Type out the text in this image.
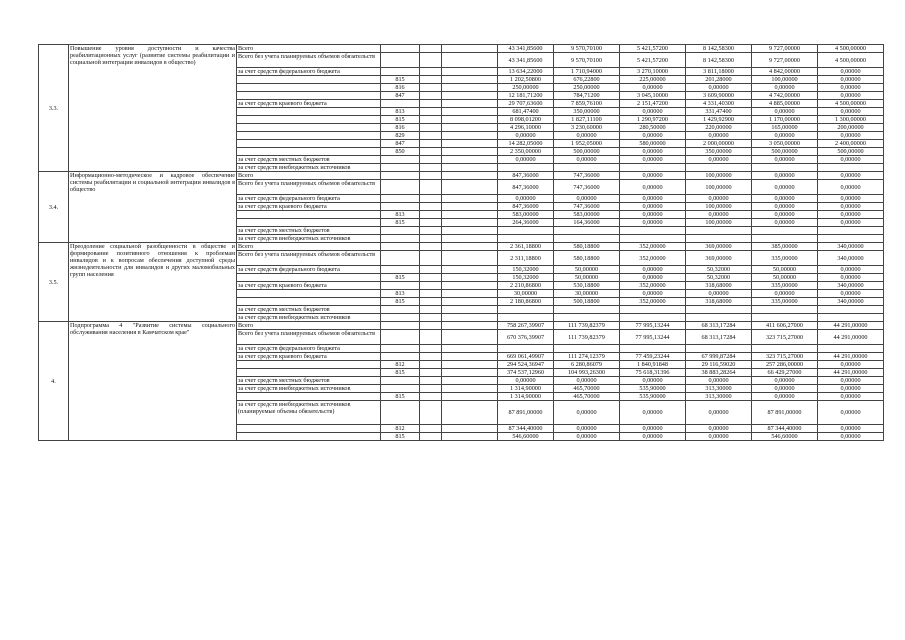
3.3.	Повышение уровня доступности и качества реабилитационных услуг (развитие системы реабилитации и социальной интеграции инвалидов в общество)	Всего				43 341,85600	9 570,70100	5 421,57200	8 142,58300	9 727,00000	4 500,00000	
		Всего без учета планируемых объемов обязательств				43 341,85600	9 570,70100	5 421,57200	8 142,58300	9 727,00000	4 500,00000	
		за счет средств федерального бюджета				13 634,22000	1 710,94000	3 270,10000	3 811,18000	4 842,00000	0,00000	
			815			1 202,50800	676,22800	225,00000	201,28000	100,00000	0,00000	
			816			250,00000	250,00000	0,00000	0,00000	0,00000	0,00000	
			847			12 181,71200	784,71200	3 045,10000	3 609,90000	4 742,00000	0,00000	
		за счет средств краевого бюджета				29 707,63600	7 859,76100	2 151,47200	4 331,40300	4 885,00000	4 500,00000	
			813			681,47400	350,00000	0,00000	331,47400	0,00000	0,00000	
			815			8 098,01200	1 827,11100	1 290,97200	1 429,92900	1 170,00000	1 300,00000	
			816			4 296,10000	3 230,60000	280,50000	220,00000	165,00000	200,00000	
			829			0,00000	0,00000	0,00000	0,00000	0,00000	0,00000	
			847			14 282,05000	1 952,05000	580,00000	2 000,00000	3 050,00000	2 400,00000	
			850			2 350,00000	500,00000	0,00000	350,00000	500,00000	500,00000	
		за счет средств местных бюджетов				0,00000	0,00000	0,00000	0,00000	0,00000	0,00000	
		за счет средств внебюджетных источников										
3.4.	Информационно-методическое и кадровое обеспечение системы реабилитации и социальной интеграции инвалидов в общество	Всего				847,36000	747,36000	0,00000	100,00000	0,00000	0,00000	
		Всего без учета планируемых объемов обязательств				847,36000	747,36000	0,00000	100,00000	0,00000	0,00000	
		за счет средств федерального бюджета				0,00000	0,00000	0,00000	0,00000	0,00000	0,00000	
		за счет средств краевого бюджета				847,36000	747,36000	0,00000	100,00000	0,00000	0,00000	
			813			583,00000	583,00000	0,00000	0,00000	0,00000	0,00000	
			815			264,36000	164,36000	0,00000	100,00000	0,00000	0,00000	
		за счет средств местных бюджетов										
		за счет средств внебюджетных источников										
3.5.	Преодоление социальной разобщенности в обществе и формирование позитивного отношения к проблемам инвалидов и к вопросам обеспечения доступной среды жизнедеятельности для инвалидов и других маломобильных групп населения	Всего				2 361,18800	580,18800	352,00000	369,00000	385,00000	340,00000	
		Всего без учета планируемых объемов обязательств				2 311,18800	580,18800	352,00000	369,00000	335,00000	340,00000	
		за счет средств федерального бюджета				150,32000	50,00000	0,00000	50,32000	50,00000	0,00000	
			815			150,32000	50,00000	0,00000	50,32000	50,00000	0,00000	
		за счет средств краевого бюджета				2 210,86800	530,18800	352,00000	318,68000	335,00000	340,00000	
			813			30,00000	30,00000	0,00000	0,00000	0,00000	0,00000	
			815			2 180,86800	500,18800	352,00000	318,68000	335,00000	340,00000	
		за счет средств местных бюджетов										
		за счет средств внебюджетных источников										
4.	Подпрограмма 4 "Развитие системы социального обслуживания населения в Камчатском крае"	Всего				758 267,39907	111 739,82379	77 995,13244	68 313,17284	411 606,27000	44 291,00000	
		Всего без учета планируемых объемов обязательств				670 376,39907	111 739,82379	77 995,13244	68 313,17284	323 715,27000	44 291,00000	
		за счет средств федерального бюджета										
		за счет средств краевого бюджета				669 061,49907	111 274,12379	77 459,23244	67 999,87284	323 715,27000	44 291,00000	
			812			294 524,36947	6 280,86079	1 840,91848	29 116,59020	257 286,00000	0,00000	
			815			374 537,12960	104 993,26300	75 618,31396	38 883,28264	66 429,27000	44 291,00000	
		за счет средств местных бюджетов				0,00000	0,00000	0,00000	0,00000	0,00000	0,00000	
		за счет средств внебюджетных источников				1 314,90000	465,70000	535,90000	313,30000	0,00000	0,00000	
			815			1 314,90000	465,70000	535,90000	313,30000	0,00000	0,00000	
		за счет средств внебюджетных источников (планируемые объемы обязательств)				87 891,00000	0,00000	0,00000	0,00000	87 891,00000	0,00000	
			812			87 344,40000	0,00000	0,00000	0,00000	87 344,40000	0,00000	
			815			546,60000	0,00000	0,00000	0,00000	546,60000	0,00000	
